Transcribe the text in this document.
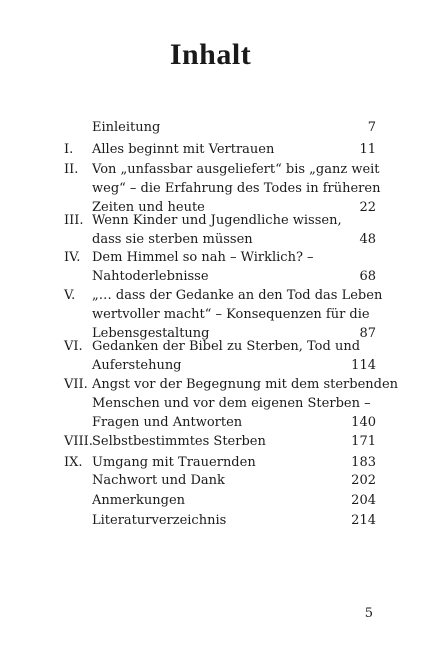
Inhalt
Einleitung	7
I.	Alles beginnt mit Vertrauen	11
II.	Von „unfassbar ausgeliefert“ bis „ganz weit
weg“ – die Erfahrung des Todes in früheren
Zeiten und heute	22
III. Wenn Kinder und Jugendliche wissen,
dass sie sterben müssen	48
IV. Dem Himmel so nah – Wirklich? –
Nahtoderlebnisse	68
V.	„… dass der Gedanke an den Tod das Leben
wertvoller macht“ – Konsequenzen für die
Lebensgestaltung	87
VI. Gedanken der Bibel zu Sterben, Tod und
Auferstehung	114
VII. Angst vor der Begegnung mit dem sterbenden
Menschen und vor dem eigenen Sterben –
Fragen und Antworten	140
VIII. Selbstbestimmtes Sterben	171
IX. Umgang mit Trauernden	183
Nachwort und Dank	202
Anmerkungen	204
Literaturverzeichnis	214
5
